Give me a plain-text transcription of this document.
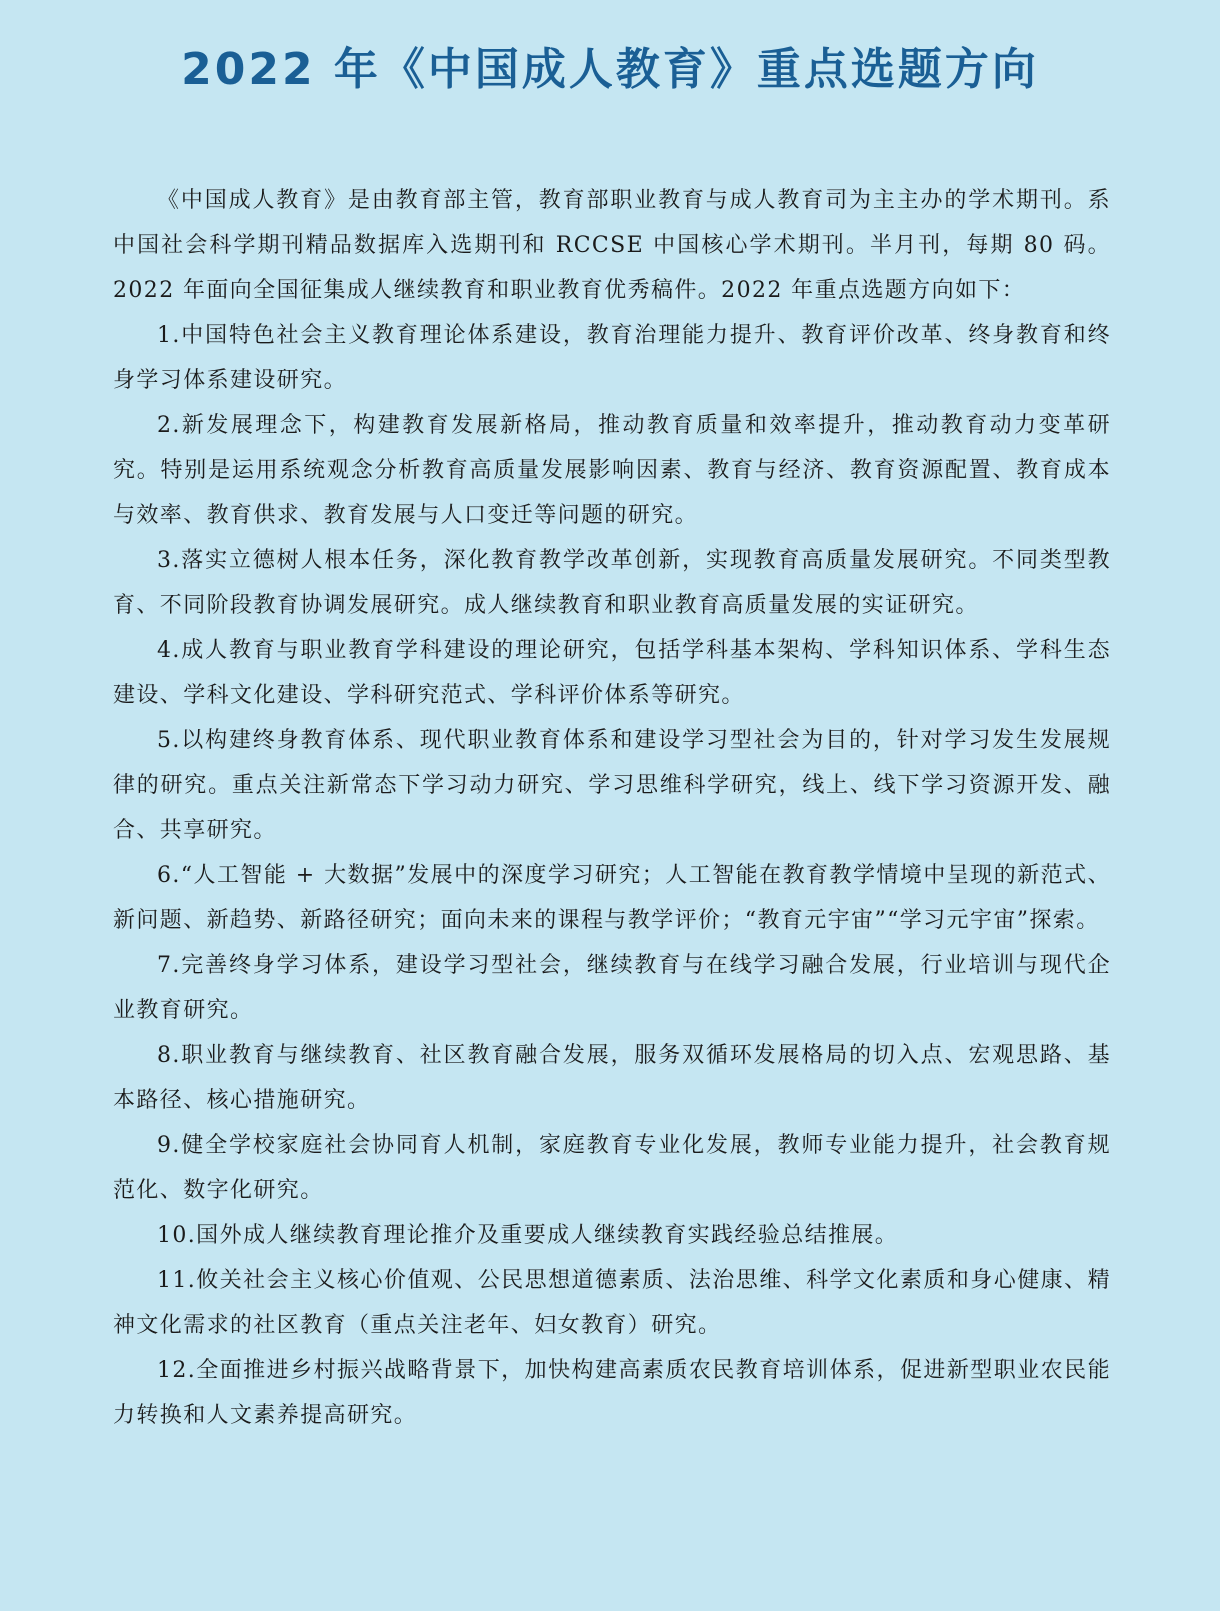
2022 年《中国成人教育》重点选题方向

《中国成人教育》是由教育部主管，教育部职业教育与成人教育司为主主办的学术期刊。系中国社会科学期刊精品数据库入选期刊和 RCCSE 中国核心学术期刊。半月刊，每期 80 码。2022 年面向全国征集成人继续教育和职业教育优秀稿件。2022 年重点选题方向如下：

1.中国特色社会主义教育理论体系建设，教育治理能力提升、教育评价改革、终身教育和终身学习体系建设研究。

2.新发展理念下，构建教育发展新格局，推动教育质量和效率提升，推动教育动力变革研究。特别是运用系统观念分析教育高质量发展影响因素、教育与经济、教育资源配置、教育成本与效率、教育供求、教育发展与人口变迁等问题的研究。

3.落实立德树人根本任务，深化教育教学改革创新，实现教育高质量发展研究。不同类型教育、不同阶段教育协调发展研究。成人继续教育和职业教育高质量发展的实证研究。

4.成人教育与职业教育学科建设的理论研究，包括学科基本架构、学科知识体系、学科生态建设、学科文化建设、学科研究范式、学科评价体系等研究。

5.以构建终身教育体系、现代职业教育体系和建设学习型社会为目的，针对学习发生发展规律的研究。重点关注新常态下学习动力研究、学习思维科学研究，线上、线下学习资源开发、融合、共享研究。

6.“人工智能 + 大数据”发展中的深度学习研究；人工智能在教育教学情境中呈现的新范式、新问题、新趋势、新路径研究；面向未来的课程与教学评价；“教育元宇宙”“学习元宇宙”探索。

7.完善终身学习体系，建设学习型社会，继续教育与在线学习融合发展，行业培训与现代企业教育研究。

8.职业教育与继续教育、社区教育融合发展，服务双循环发展格局的切入点、宏观思路、基本路径、核心措施研究。

9.健全学校家庭社会协同育人机制，家庭教育专业化发展，教师专业能力提升，社会教育规范化、数字化研究。

10.国外成人继续教育理论推介及重要成人继续教育实践经验总结推展。

11.攸关社会主义核心价值观、公民思想道德素质、法治思维、科学文化素质和身心健康、精神文化需求的社区教育（重点关注老年、妇女教育）研究。

12.全面推进乡村振兴战略背景下，加快构建高素质农民教育培训体系，促进新型职业农民能力转换和人文素养提高研究。
